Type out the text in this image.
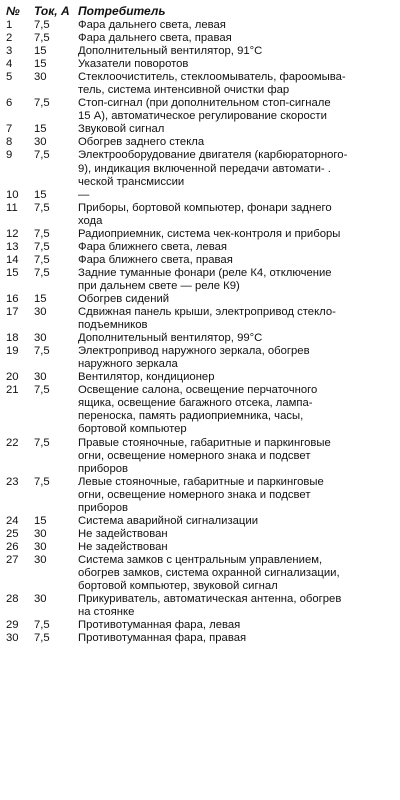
№	Ток, А Потребитель
1	7,5	Фара дальнего света, левая
2	7,5	Фара дальнего света, правая
3	15	Дополнительный вентилятор, 91°С
4	15	Указатели поворотов
5	30	Стеклоочиститель, стеклоомыватель, фароомыва-
тель, система интенсивной очистки фар
6	7,5	Стоп-сигнал (при дополнительном стоп-сигнале
15 А), автоматическое регулирование скорости
7	15	Звуковой сигнал
8	30	Обогрев заднего стекла
9	7,5	Электрооборудование двигателя (карбюраторного-
9), индикация включенной передачи автомати- .
ческой трансмиссии
10	15	—
11	7,5	Приборы, бортовой компьютер, фонари заднего
хода
12	7,5	Радиоприемник, система чек-контроля и приборы
13	7,5	Фара ближнего света, левая
14	7,5	Фара ближнего света, правая
15	7,5	Задние туманные фонари (реле К4, отключение
при дальнем свете — реле К9)
16	15	Обогрев сидений
17	30	Сдвижная панель крыши, электропривод стекло-
подъемников
18	30	Дополнительный вентилятор, 99°С
19	7,5	Электропривод наружного зеркала, обогрев
наружного зеркала
20	30	Вентилятор, кондиционер
21	7,5	Освещение салона, освещение перчаточного
ящика, освещение багажного отсека, лампа-
переноска, память радиоприемника, часы,
бортовой компьютер
22	7,5	Правые стояночные, габаритные и паркинговые
огни, освещение номерного знака и подсвет
приборов
23	7,5	Левые стояночные, габаритные и паркинговые
огни, освещение номерного знака и подсвет
приборов
24	15	Система аварийной сигнализации
25	30	Не задействован
26	30	Не задействован
27	30	Система замков с центральным управлением,
обогрев замков, система охранной сигнализации,
бортовой компьютер, звуковой сигнал
28	30	Прикуриватель, автоматическая антенна, обогрев
на стоянке
29	7,5	Противотуманная фара, левая
30	7,5	Противотуманная фара, правая
